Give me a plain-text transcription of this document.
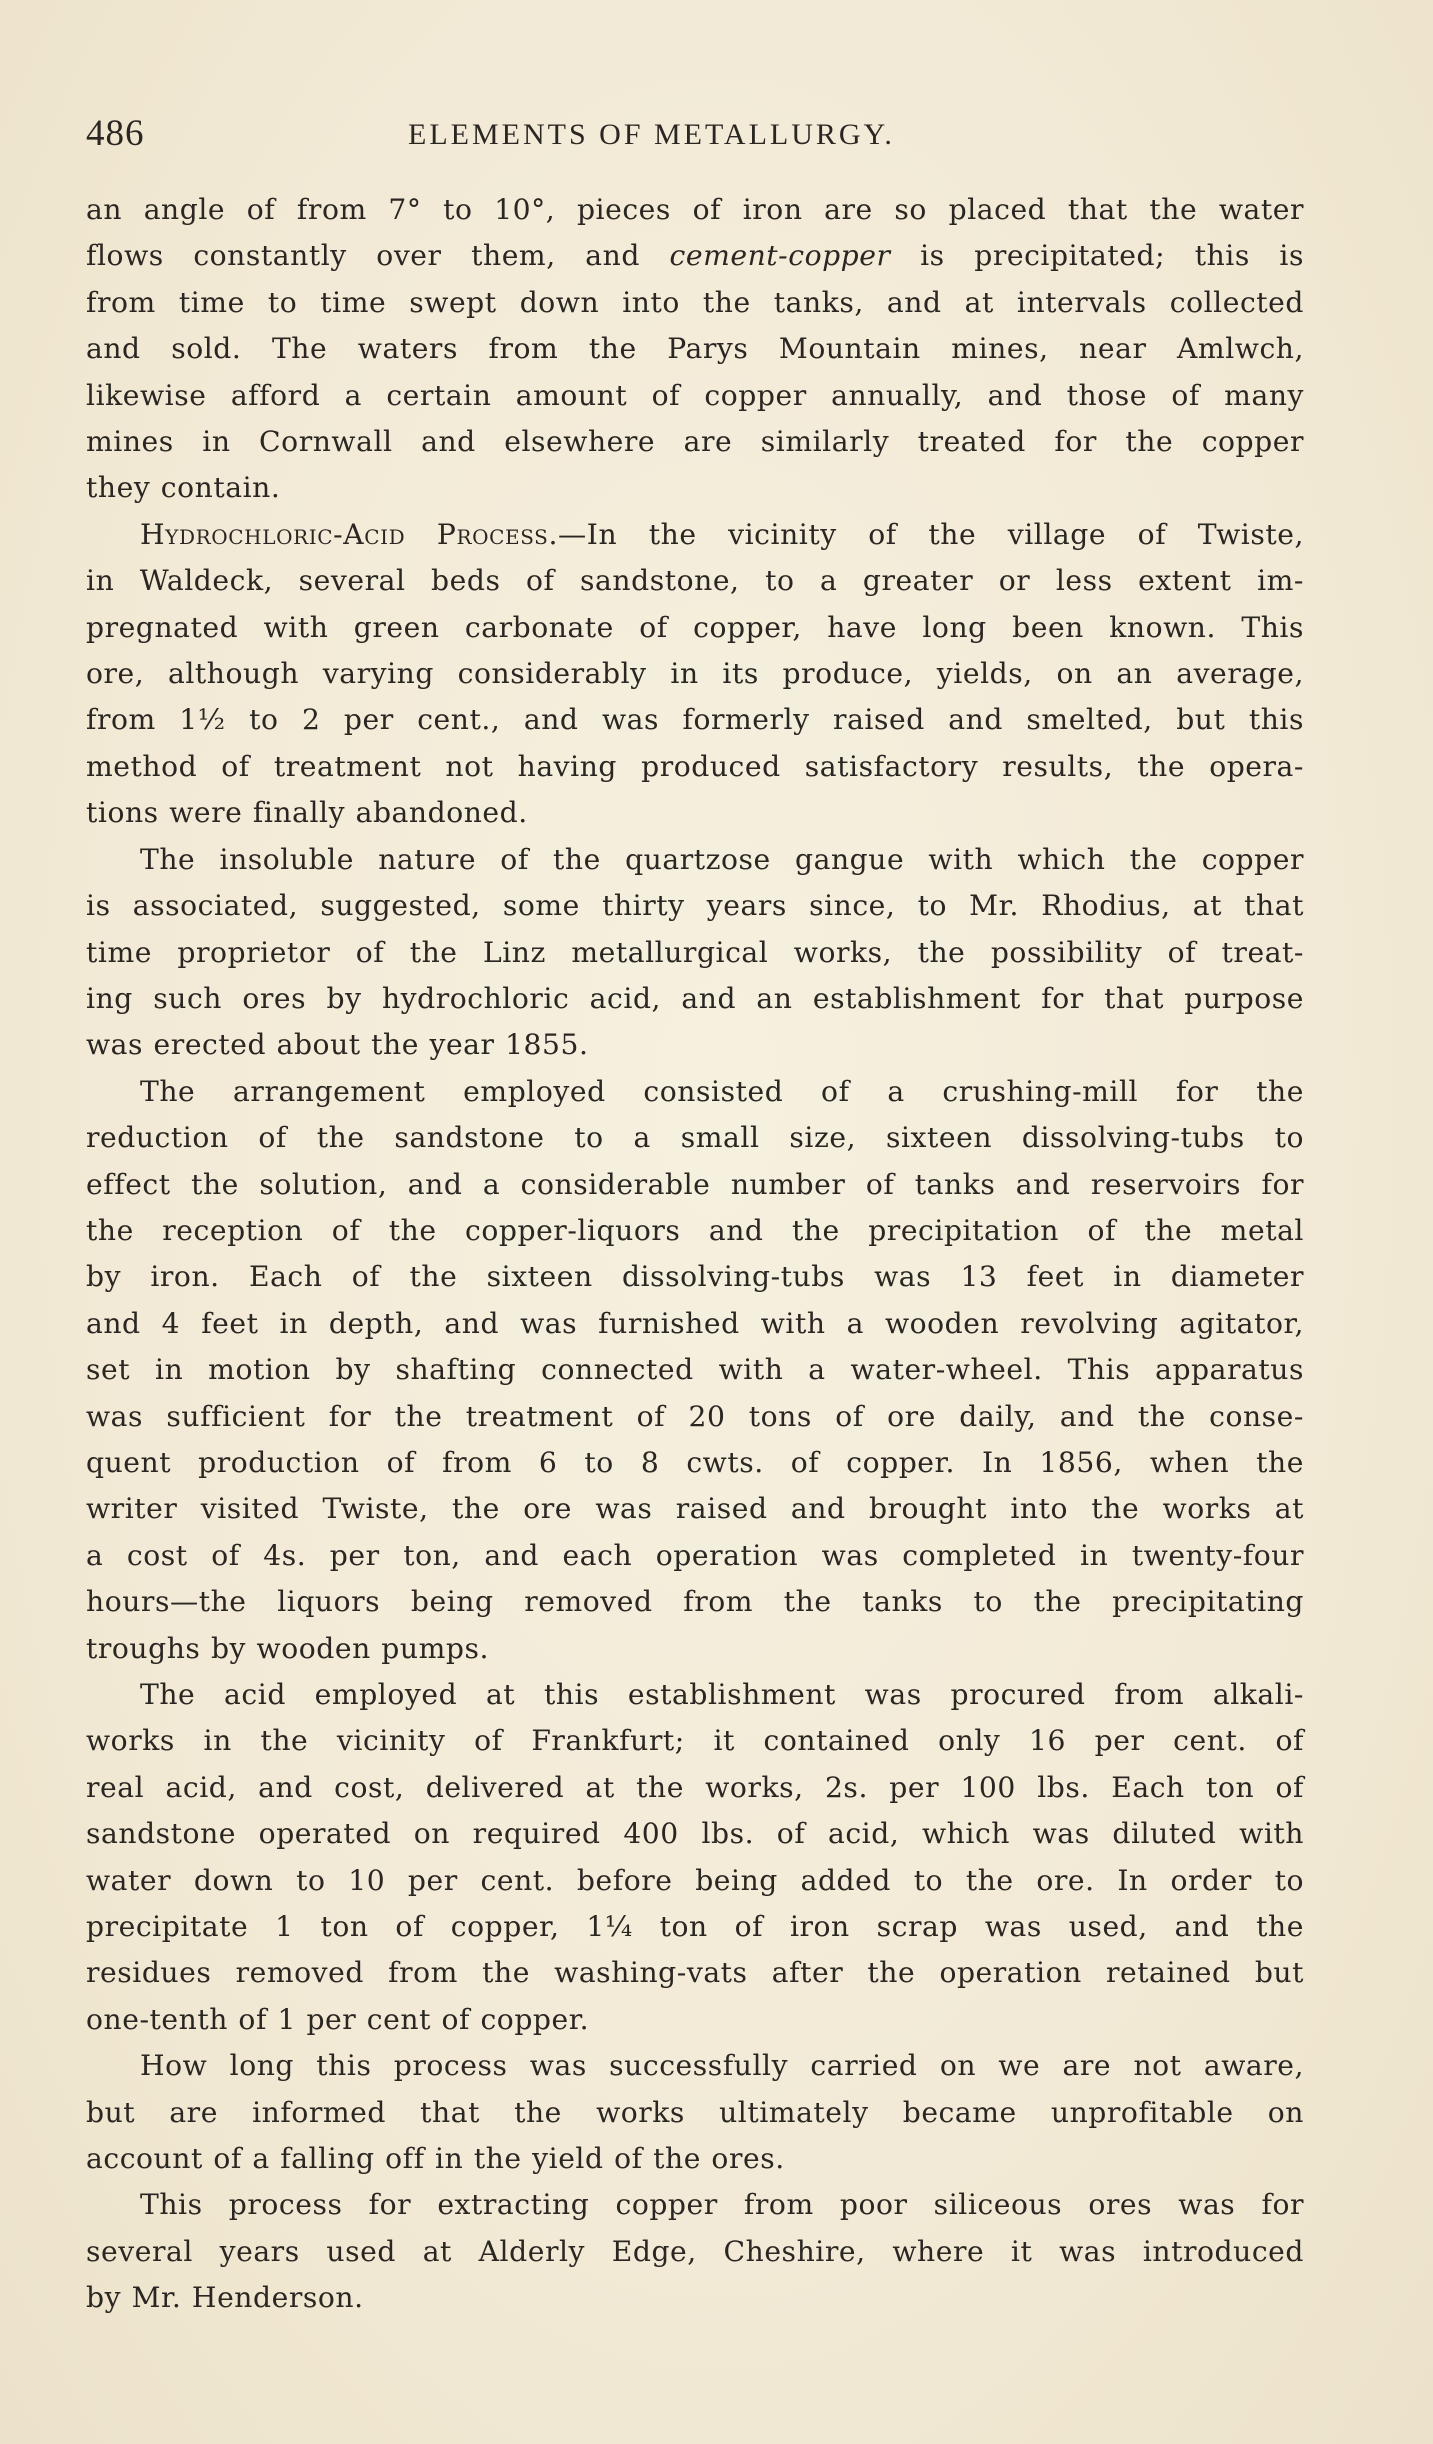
486	ELEMENTS OF METALLURGY.
an angle of from 7° to 10°, pieces of iron are so placed that the water
flows constantly over them, and cement-copper is precipitated; this is
from time to time swept down into the tanks, and at intervals collected
and sold. The waters from the Parys Mountain mines, near Amlwch,
likewise afford a certain amount of copper annually, and those of many
mines in Cornwall and elsewhere are similarly treated for the copper
they contain.
Hydrochloric-Acid Process.—In the vicinity of the village of Twiste,
in Waldeck, several beds of sandstone, to a greater or less extent im-
pregnated with green carbonate of copper, have long been known. This
ore, although varying considerably in its produce, yields, on an average,
from 1½ to 2 per cent., and was formerly raised and smelted, but this
method of treatment not having produced satisfactory results, the opera-
tions were finally abandoned.
The insoluble nature of the quartzose gangue with which the copper
is associated, suggested, some thirty years since, to Mr. Rhodius, at that
time proprietor of the Linz metallurgical works, the possibility of treat-
ing such ores by hydrochloric acid, and an establishment for that purpose
was erected about the year 1855.
The arrangement employed consisted of a crushing-mill for the
reduction of the sandstone to a small size, sixteen dissolving-tubs to
effect the solution, and a considerable number of tanks and reservoirs for
the reception of the copper-liquors and the precipitation of the metal
by iron. Each of the sixteen dissolving-tubs was 13 feet in diameter
and 4 feet in depth, and was furnished with a wooden revolving agitator,
set in motion by shafting connected with a water-wheel. This apparatus
was sufficient for the treatment of 20 tons of ore daily, and the conse-
quent production of from 6 to 8 cwts. of copper. In 1856, when the
writer visited Twiste, the ore was raised and brought into the works at
a cost of 4s. per ton, and each operation was completed in twenty-four
hours—the liquors being removed from the tanks to the precipitating
troughs by wooden pumps.
The acid employed at this establishment was procured from alkali-
works in the vicinity of Frankfurt; it contained only 16 per cent. of
real acid, and cost, delivered at the works, 2s. per 100 lbs. Each ton of
sandstone operated on required 400 lbs. of acid, which was diluted with
water down to 10 per cent. before being added to the ore. In order to
precipitate 1 ton of copper, 1¼ ton of iron scrap was used, and the
residues removed from the washing-vats after the operation retained but
one-tenth of 1 per cent of copper.
How long this process was successfully carried on we are not aware,
but are informed that the works ultimately became unprofitable on
account of a falling off in the yield of the ores.
This process for extracting copper from poor siliceous ores was for
several years used at Alderly Edge, Cheshire, where it was introduced
by Mr. Henderson.
